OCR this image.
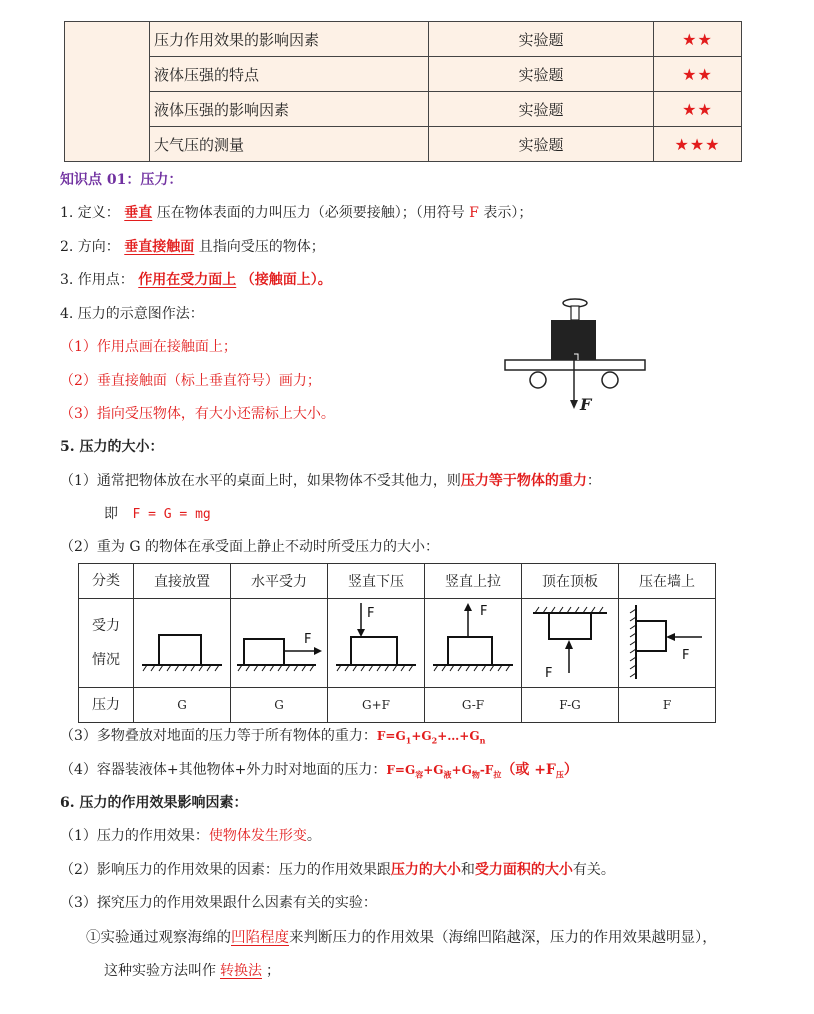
	压力作用效果的影响因素	实验题	★★
	液体压强的特点	实验题	★★
	液体压强的影响因素	实验题	★★
	大气压的测量	实验题	★★★
知识点 01：压力：
1. 定义： 垂直 压在物体表面的力叫压力（必须要接触）；（用符号 F 表示）；
2. 方向： 垂直接触面 且指向受压的物体；
3. 作用点： 作用在受力面上 （接触面上）。
4. 压力的示意图作法：
（1）作用点画在接触面上；
（2）垂直接触面（标上垂直符号）画力；
（3）指向受压物体，有大小还需标上大小。	F
5. 压力的大小：
（1）通常把物体放在水平的桌面上时，如果物体不受其他力，则压力等于物体的重力：
即 F = G = mg
（2）重为 G 的物体在承受面上静止不动时所受压力的大小：
分类	直接放置	水平受力	竖直下压	竖直上拉	顶在顶板	压在墙上

受力
情况		F	F	F	F	F

压力	G	G	G+F	G-F	F-G	F
（3）多物叠放对地面的压力等于所有物体的重力：$F=G_1+G_2+\dots+G_n$
（4）容器装液体+其他物体+外力时对地面的压力：$F=G_容+G_液+G_物-F_拉$（或 $+F_压$）
6. 压力的作用效果影响因素：
（1）压力的作用效果：使物体发生形变。
（2）影响压力的作用效果的因素：压力的作用效果跟压力的大小和受力面积的大小有关。
（3）探究压力的作用效果跟什么因素有关的实验：
①实验通过观察海绵的凹陷程度来判断压力的作用效果（海绵凹陷越深，压力的作用效果越明显），
这种实验方法叫作 转换法 ；
